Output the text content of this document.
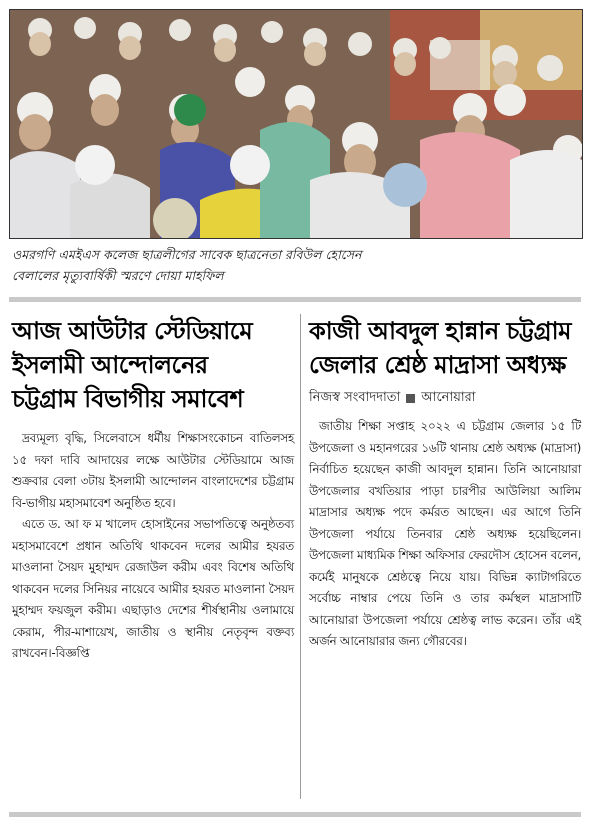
ওমরগণি এমইএস কলেজ ছাত্রলীগের সাবেক ছাত্রনেতা রবিউল হোসেন
বেলালের মৃত্যুবার্ষিকী স্মরণে দোয়া মাহফিল

আজ আউটার স্টেডিয়ামে
ইসলামী আন্দোলনের
চট্টগ্রাম বিভাগীয় সমাবেশ

দ্রব্যমূল্য বৃদ্ধি, সিলেবাসে ধর্মীয় শিক্ষাসংকোচন বাতিলসহ ১৫ দফা দাবি আদায়ের লক্ষে আউটার স্টেডিয়ামে আজ শুক্রবার বেলা ৩টায় ইসলামী আন্দোলন বাংলাদেশের চট্টগ্রাম বি-ভাগীয় মহাসমাবেশ অনুষ্ঠিত হবে।

এতে ড. আ ফ ম খালেদ হোসাইনের সভাপতিত্বে অনুষ্ঠতব্য মহাসমাবেশে প্রধান অতিথি থাকবেন দলের আমীর হযরত মাওলানা সৈয়দ মুহাম্মদ রেজাউল করীম এবং বিশেষ অতিথি থাকবেন দলের সিনিয়র নায়েবে আমীর হযরত মাওলানা সৈয়দ মুহাম্মদ ফয়জুল করীম। এছাড়াও দেশের শীর্ষস্থানীয় ওলামায়ে কেরাম, পীর-মাশায়েখ, জাতীয় ও স্থানীয় নেতৃবৃন্দ বক্তব্য রাখবেন।-বিজ্ঞপ্তি

কাজী আবদুল হান্নান চট্টগ্রাম
জেলার শ্রেষ্ঠ মাদ্রাসা অধ্যক্ষ
নিজস্ব সংবাদদাতা আনোয়ারা

জাতীয় শিক্ষা সপ্তাহ ২০২২ এ চট্টগ্রাম জেলার ১৫ টি উপজেলা ও মহানগরের ১৬টি থানায় শ্রেষ্ঠ অধ্যক্ষ (মাদ্রাসা) নির্বাচিত হয়েছেন কাজী আবদুল হান্নান। তিনি আনোয়ারা উপজেলার বখতিয়ার পাড়া চারপীর আউলিয়া আলিম মাদ্রাসার অধ্যক্ষ পদে কর্মরত আছেন। এর আগে তিনি উপজেলা পর্যায়ে তিনবার শ্রেষ্ঠ অধ্যক্ষ হয়েছিলেন। উপজেলা মাধ্যমিক শিক্ষা অফিসার ফেরদৌস হোসেন বলেন, কর্মেই মানুষকে শ্রেষ্ঠত্বে নিয়ে যায়। বিভিন্ন ক্যাটাগরিতে সর্বোচ্চ নাম্বার পেয়ে তিনি ও তার কর্মস্থল মাদ্রাসাটি আনোয়ারা উপজেলা পর্যায়ে শ্রেষ্ঠত্ব লাভ করেন। তাঁর এই অর্জন আনোয়ারার জন্য গৌরবের।
